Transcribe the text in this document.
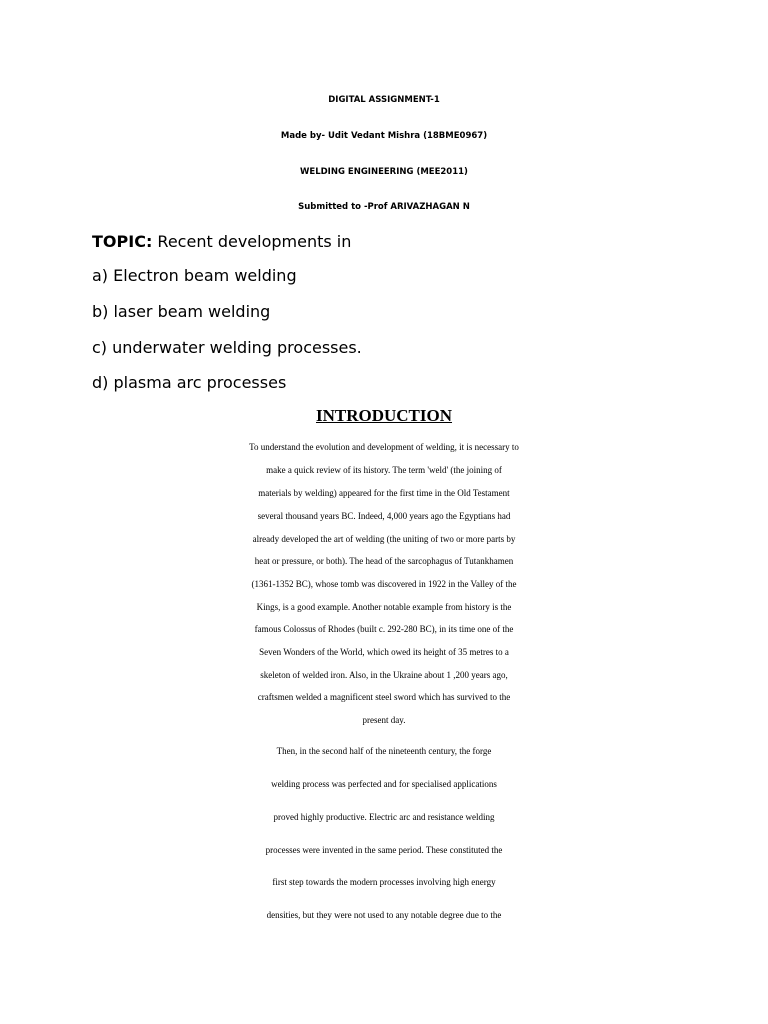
DIGITAL ASSIGNMENT-1
Made by- Udit Vedant Mishra (18BME0967)
WELDING ENGINEERING (MEE2011)
Submitted to -Prof ARIVAZHAGAN N
TOPIC: Recent developments in
a) Electron beam welding
b) laser beam welding
c) underwater welding processes.
d) plasma arc processes
INTRODUCTION
To understand the evolution and development of welding, it is necessary to
make a quick review of its history. The term 'weld' (the joining of
materials by welding) appeared for the first time in the Old Testament
several thousand years BC. Indeed, 4,000 years ago the Egyptians had
already developed the art of welding (the uniting of two or more parts by
heat or pressure, or both). The head of the sarcophagus of Tutankhamen
(1361-1352 BC), whose tomb was discovered in 1922 in the Valley of the
Kings, is a good example. Another notable example from history is the
famous Colossus of Rhodes (built c. 292-280 BC), in its time one of the
Seven Wonders of the World, which owed its height of 35 metres to a
skeleton of welded iron. Also, in the Ukraine about 1 ,200 years ago,
craftsmen welded a magnificent steel sword which has survived to the
present day.
Then, in the second half of the nineteenth century, the forge
welding process was perfected and for specialised applications
proved highly productive. Electric arc and resistance welding
processes were invented in the same period. These constituted the
first step towards the modern processes involving high energy
densities, but they were not used to any notable degree due to the
